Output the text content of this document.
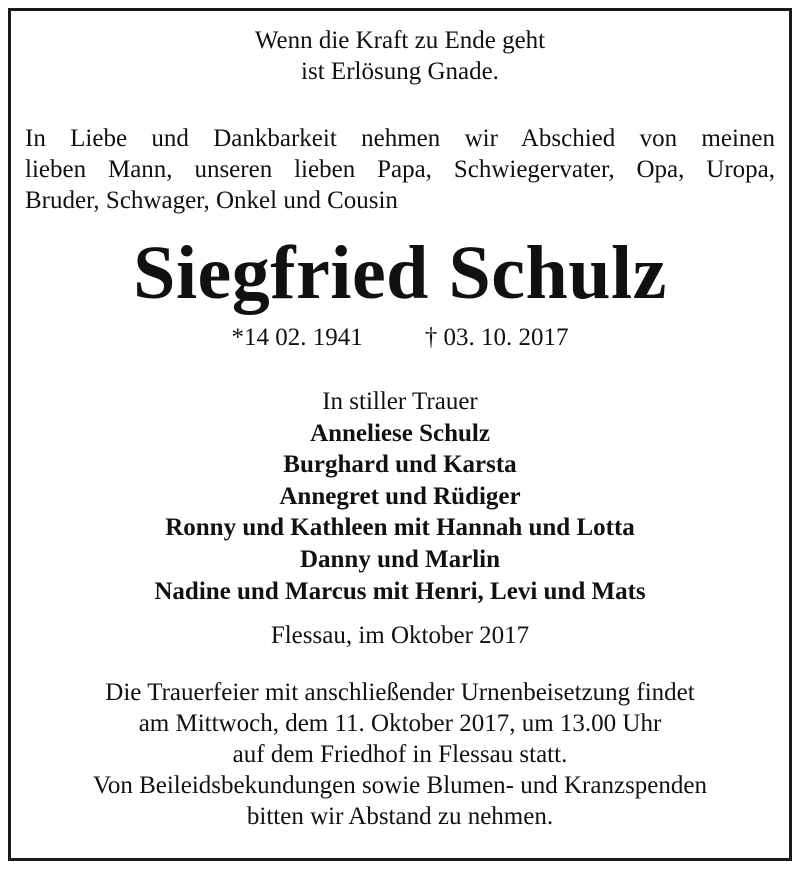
Wenn die Kraft zu Ende geht
ist Erlösung Gnade.
In Liebe und Dankbarkeit nehmen wir Abschied von meinen
lieben Mann, unseren lieben Papa, Schwiegervater, Opa, Uropa,
Bruder, Schwager, Onkel und Cousin
Siegfried Schulz
*14 02. 1941 † 03. 10. 2017
In stiller Trauer
Anneliese Schulz
Burghard und Karsta
Annegret und Rüdiger
Ronny und Kathleen mit Hannah und Lotta
Danny und Marlin
Nadine und Marcus mit Henri, Levi und Mats
Flessau, im Oktober 2017
Die Trauerfeier mit anschließender Urnenbeisetzung findet
am Mittwoch, dem 11. Oktober 2017, um 13.00 Uhr
auf dem Friedhof in Flessau statt.
Von Beileidsbekundungen sowie Blumen- und Kranzspenden
bitten wir Abstand zu nehmen.
